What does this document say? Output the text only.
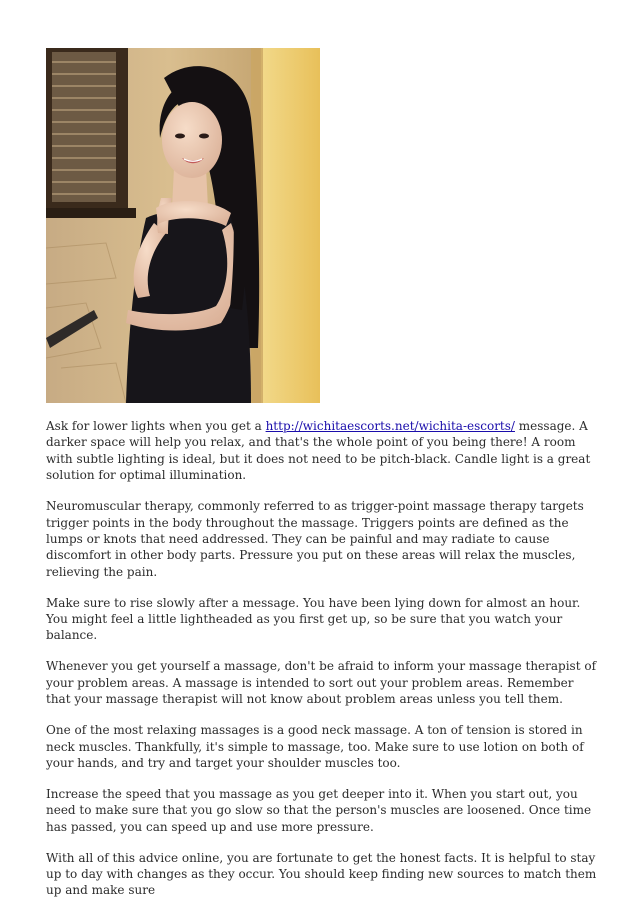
Ask for lower lights when you get a http://wichitaescorts.net/wichita-escorts/ message. A darker space will help you relax, and that's the whole point of you being there! A room with subtle lighting is ideal, but it does not need to be pitch-black. Candle light is a great solution for optimal illumination.

Neuromuscular therapy, commonly referred to as trigger-point massage therapy targets trigger points in the body throughout the massage. Triggers points are defined as the lumps or knots that need addressed. They can be painful and may radiate to cause discomfort in other body parts. Pressure you put on these areas will relax the muscles, relieving the pain.

Make sure to rise slowly after a message. You have been lying down for almost an hour. You might feel a little lightheaded as you first get up, so be sure that you watch your balance.

Whenever you get yourself a massage, don't be afraid to inform your massage therapist of your problem areas. A massage is intended to sort out your problem areas. Remember that your massage therapist will not know about problem areas unless you tell them.

One of the most relaxing massages is a good neck massage. A ton of tension is stored in neck muscles. Thankfully, it's simple to massage, too. Make sure to use lotion on both of your hands, and try and target your shoulder muscles too.

Increase the speed that you massage as you get deeper into it. When you start out, you need to make sure that you go slow so that the person's muscles are loosened. Once time has passed, you can speed up and use more pressure.

With all of this advice online, you are fortunate to get the honest facts. It is helpful to stay up to day with changes as they occur. You should keep finding new sources to match them up and make sure
